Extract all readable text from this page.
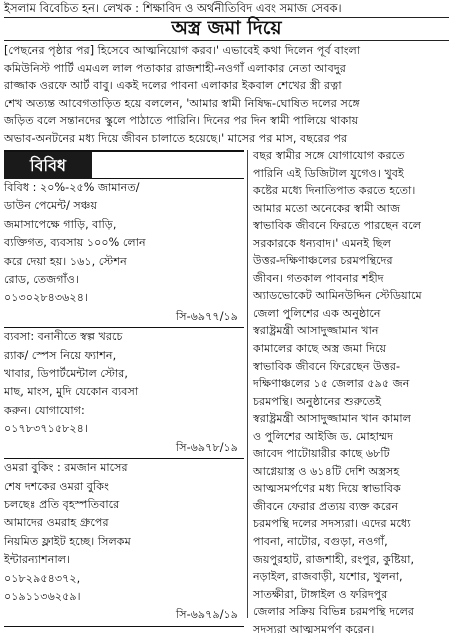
ইসলাম বিবেচিত হন। লেখক : শিক্ষাবিদ ও অর্থনীতিবিদ এবং সমাজ সেবক।
অস্ত্র জমা দিয়ে
[পেছনের পৃষ্ঠার পর] হিসেবে আত্মনিয়োগ করব।' এভাবেই কথা দিলেন পূর্ব বাংলা
কমিউনিস্ট পার্টি এমএল লাল পতাকার রাজশাহী-নওগাঁ এলাকার নেতা আবদুর
রাজ্জাক ওরফে আর্ট বাবু। একই দলের পাবনা এলাকার ইকবাল শেখের স্ত্রী রত্না
শেখ অত্যন্ত আবেগতাড়িত হয়ে বললেন, 'আমার স্বামী নিষিদ্ধ-ঘোষিত দলের সঙ্গে
জড়িত বলে সন্তানদের স্কুলে পাঠাতে পারিনি। দিনের পর দিন স্বামী পালিয়ে থাকায়
অভাব-অনটনের মধ্য দিয়ে জীবন চালাতে হয়েছে।' মাসের পর মাস, বছরের পর
বিবিধ
বিবিধ : ২০%-২৫% জামানত/
ডাউন পেমেন্ট/ সঞ্চয়
জমাসাপেক্ষে গাড়ি, বাড়ি,
ব্যক্তিগত, ব্যবসায় ১০০% লোন
করে দেয়া হয়। ১৬১, স্টেশন
রোড, তেজগাঁও।
০১৩০২৮৪৩৬২৪।
সি-৬৯৭৭/১৯
ব্যবসা: বনানীতে স্বল্প খরচে
র‍্যাক/ স্পেস নিয়ে ফ্যাশন,
খাবার, ডিপার্টমেন্টাল স্টোর,
মাছ, মাংস, মুদি যেকোন ব্যবসা
করুন। যোগাযোগ:
০১৭৮৩৭১৫৮২৪।
সি-৬৯৭৮/১৯
ওমরা বুকিং : রমজান মাসের
শেষ দশকের ওমরা বুকিং
চলছেঃ প্রতি বৃহস্পতিবারে
আমাদের ওমরাহ গ্রুপের
নিয়মিত ফ্লাইট হচ্ছে। সিলকম
ইন্টারন্যাশনাল।
০১৮২৯৫৪৩৭২,
০১৯১১৩৬২৫৯।
সি-৬৯৭৯/১৯
বছর স্বামীর সঙ্গে যোগাযোগ করতে
পারিনি এই ডিজিটাল যুগেও। খুবই
কষ্টের মধ্যে দিনাতিপাত করতে হতো।
আমার মতো অনেকের স্বামী আজ
স্বাভাবিক জীবনে ফিরতে পারছেন বলে
সরকারকে ধন্যবাদ।' এমনই ছিল
উত্তর-দক্ষিণাঞ্চলের চরমপন্থিদের
জীবন। গতকাল পাবনার শহীদ
অ্যাডভোকেট আমিনউদ্দিন স্টেডিয়ামে
জেলা পুলিশের এক অনুষ্ঠানে
স্বরাষ্ট্রমন্ত্রী আসাদুজ্জামান খান
কামালের কাছে অস্ত্র জমা দিয়ে
স্বাভাবিক জীবনে ফিরেছেন উত্তর-
দক্ষিণাঞ্চলের ১৫ জেলার ৫৯৫ জন
চরমপন্থি। অনুষ্ঠানের শুরুতেই
স্বরাষ্ট্রমন্ত্রী আসাদুজ্জামান খান কামাল
ও পুলিশের আইজি ড. মোহাম্মদ
জাবেদ পাটোয়ারীর কাছে ৬৮টি
আগ্নেয়াস্ত্র ও ৬১৪টি দেশি অস্ত্রসহ
আত্মসমর্পণের মধ্য দিয়ে স্বাভাবিক
জীবনে ফেরার প্রত্যয় ব্যক্ত করেন
চরমপন্থি দলের সদস্যরা। এদের মধ্যে
পাবনা, নাটোর, বগুড়া, নওগাঁ,
জয়পুরহাট, রাজশাহী, রংপুর, কুষ্টিয়া,
নড়াইল, রাজবাড়ী, যশোর, খুলনা,
সাতক্ষীরা, টাঙ্গাইল ও ফরিদপুর
জেলার সক্রিয় বিভিন্ন চরমপন্থি দলের
সদস্যরা আত্মসমর্পণ করেন।
